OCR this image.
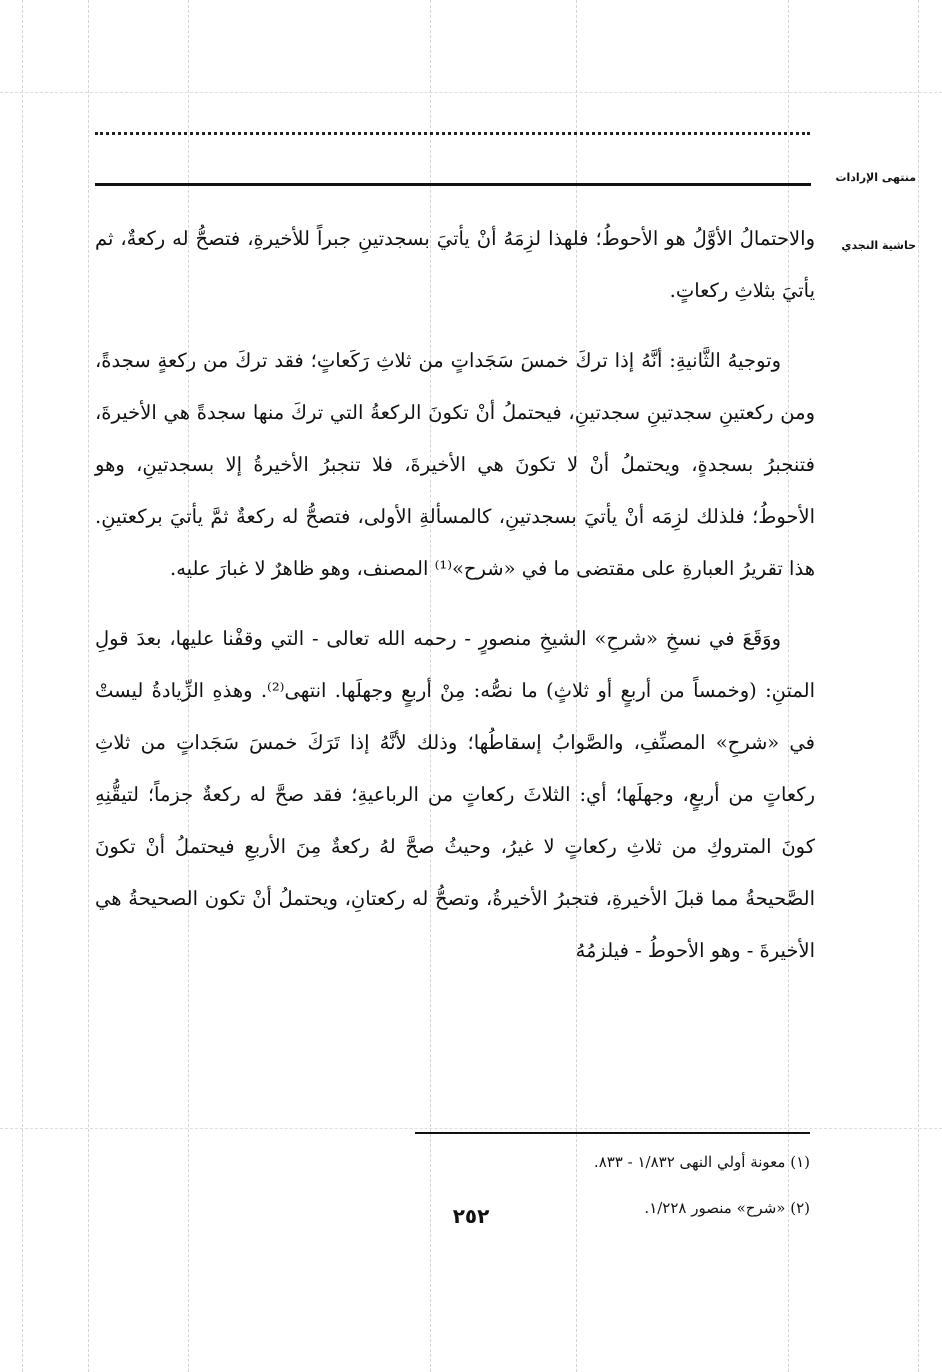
منتهى الإرادات
حاشية النجدي

والاحتمالُ الأوَّلُ هو الأحوطُ؛ فلهذا لزِمَهُ أنْ يأتيَ بسجدتينِ جبراً للأخيرةِ، فتصحُّ له ركعةٌ، ثم يأتيَ بثلاثِ ركعاتٍ.

وتوجيهُ الثَّانيةِ: أنَّهُ إذا تركَ خمسَ سَجَداتٍ من ثلاثِ رَكَعاتٍ؛ فقد تركَ من ركعةٍ سجدةً، ومن ركعتينِ سجدتينِ سجدتينِ، فيحتملُ أنْ تكونَ الركعةُ التي تركَ منها سجدةً هي الأخيرةَ، فتنجبرُ بسجدةٍ، ويحتملُ أنْ لا تكونَ هي الأخيرةَ، فلا تنجبرُ الأخيرةُ إلا بسجدتينِ، وهو الأحوطُ؛ فلذلك لزِمَه أنْ يأتيَ بسجدتينِ، كالمسألةِ الأولى، فتصحُّ له ركعةٌ ثمَّ يأتيَ بركعتينِ. هذا تقريرُ العبارةِ على مقتضى ما في «شرح»⁽¹⁾ المصنف، وهو ظاهرٌ لا غبارَ عليه.

ووَقَعَ في نسخِ «شرحِ» الشيخِ منصورٍ - رحمه الله تعالى - التي وقفْنا عليها، بعدَ قولِ المتنِ: (وخمساً من أربعٍ أو ثلاثٍ) ما نصُّه: مِنْ أربعٍ وجهلَها. انتهى⁽²⁾. وهذهِ الزِّيادةُ ليستْ في «شرحِ» المصنِّفِ، والصَّوابُ إسقاطُها؛ وذلك لأنَّهُ إذا تَرَكَ خمسَ سَجَداتٍ من ثلاثِ ركعاتٍ من أربعٍ، وجهلَها؛ أي: الثلاثَ ركعاتٍ من الرباعيةِ؛ فقد صحَّ له ركعةٌ جزماً؛ لتيقُّنِهِ كونَ المتروكِ من ثلاثِ ركعاتٍ لا غيرُ، وحيثُ صحَّ لهُ ركعةٌ مِنَ الأربعِ فيحتملُ أنْ تكونَ الصَّحيحةُ مما قبلَ الأخيرةِ، فتجبرُ الأخيرةُ، وتصحُّ له ركعتانِ، ويحتملُ أنْ تكون الصحيحةُ هي الأخيرةَ - وهو الأحوطُ - فيلزمُهُ

(١) معونة أولي النهى ١/٨٣٢ - ٨٣٣.
(٢) «شرح» منصور ١/٢٢٨.
٢٥٢
